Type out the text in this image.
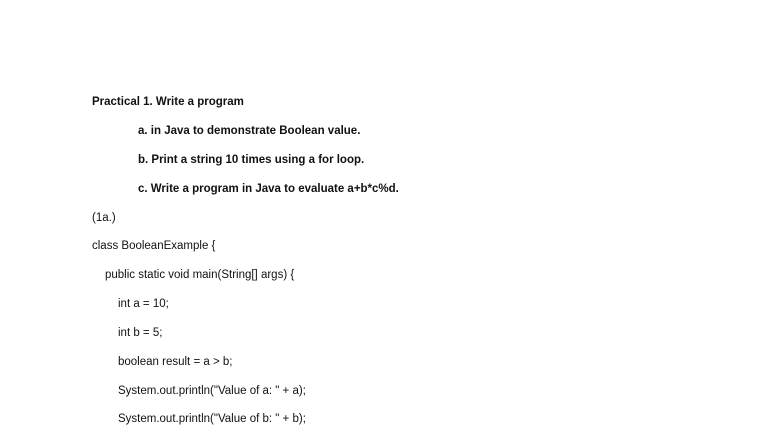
Practical 1. Write a program
a. in Java to demonstrate Boolean value.
b. Print a string 10 times using a for loop.
c. Write a program in Java to evaluate a+b*c%d.
(1a.)
class BooleanExample {
public static void main(String[] args) {
int a = 10;
int b = 5;
boolean result = a > b;
System.out.println("Value of a: " + a);
System.out.println("Value of b: " + b);
